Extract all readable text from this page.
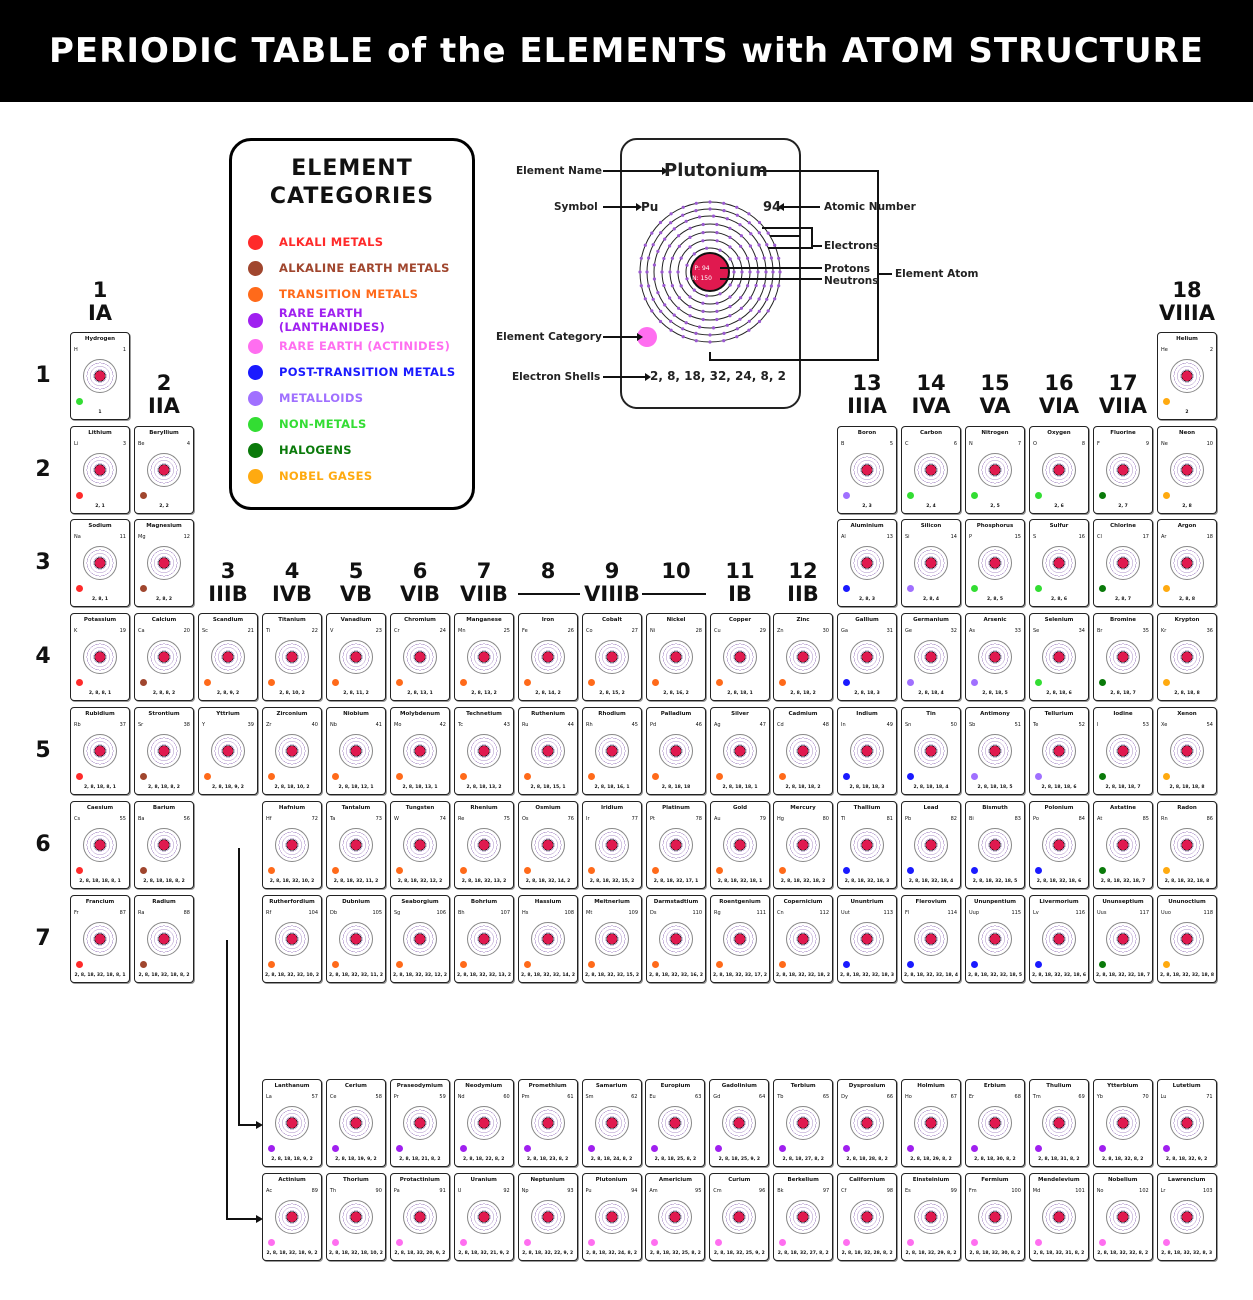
PERIODIC TABLE of the ELEMENTS with ATOM STRUCTURE
ELEMENT
CATEGORIES
ALKALI METALS
ALKALINE EARTH METALS
TRANSITION METALS
RARE EARTH (LANTHANIDES)
RARE EARTH (ACTINIDES)
POST-TRANSITION METALS
METALLOIDS
NON-METALS
HALOGENS
NOBEL GASES
P: 94
N: 150
Element Name	Plutonium
Symbol	Pu	94	Atomic Number
Electrons
Protons
Neutrons
Element Atom
Element Category
Electron Shells	2, 8, 18, 32, 24, 8, 2
1
IA
2
IIA
3
IIIB
4
IVB
5
VB
6
VIB
7
VIIB
8	9
VIIIB
10	11
IB
12
IIB
13
IIIA
14
IVA
15
VA
16
VIA
17
VIIA
18
VIIIA
1
2
3
4
5
6
7
Hydrogen
H	1
1
Helium
He	2
2
Lithium
Li	3
2, 1
Beryllium
Be	4
2, 2
Boron
B	5
2, 3
Carbon
C	6
2, 4
Nitrogen
N	7
2, 5
Oxygen
O	8
2, 6
Fluorine
F	9
2, 7
Neon
Ne	10
2, 8
Sodium
Na	11
2, 8, 1
Magnesium
Mg	12
2, 8, 2
Aluminium
Al	13
2, 8, 3
Silicon
Si	14
2, 8, 4
Phosphorus
P	15
2, 8, 5
Sulfur
S	16
2, 8, 6
Chlorine
Cl	17
2, 8, 7
Argon
Ar	18
2, 8, 8
Potassium
K	19
2, 8, 8, 1
Calcium
Ca	20
2, 8, 8, 2
Scandium
Sc	21
2, 8, 9, 2
Titanium
Ti	22
2, 8, 10, 2
Vanadium
V	23
2, 8, 11, 2
Chromium
Cr	24
2, 8, 13, 1
Manganese
Mn	25
2, 8, 13, 2
Iron
Fe	26
2, 8, 14, 2
Cobalt
Co	27
2, 8, 15, 2
Nickel
Ni	28
2, 8, 16, 2
Copper
Cu	29
2, 8, 18, 1
Zinc
Zn	30
2, 8, 18, 2
Gallium
Ga	31
2, 8, 18, 3
Germanium
Ge	32
2, 8, 18, 4
Arsenic
As	33
2, 8, 18, 5
Selenium
Se	34
2, 8, 18, 6
Bromine
Br	35
2, 8, 18, 7
Krypton
Kr	36
2, 8, 18, 8
Rubidium
Rb	37
2, 8, 18, 8, 1
Strontium
Sr	38
2, 8, 18, 8, 2
Yttrium
Y	39
2, 8, 18, 9, 2
Zirconium
Zr	40
2, 8, 18, 10, 2
Niobium
Nb	41
2, 8, 18, 12, 1
Molybdenum
Mo	42
2, 8, 18, 13, 1
Technetium
Tc	43
2, 8, 18, 13, 2
Ruthenium
Ru	44
2, 8, 18, 15, 1
Rhodium
Rh	45
2, 8, 18, 16, 1
Palladium
Pd	46
2, 8, 18, 18
Silver
Ag	47
2, 8, 18, 18, 1
Cadmium
Cd	48
2, 8, 18, 18, 2
Indium
In	49
2, 8, 18, 18, 3
Tin
Sn	50
2, 8, 18, 18, 4
Antimony
Sb	51
2, 8, 18, 18, 5
Tellurium
Te	52
2, 8, 18, 18, 6
Iodine
I	53
2, 8, 18, 18, 7
Xenon
Xe	54
2, 8, 18, 18, 8
Caesium
Cs	55
2, 8, 18, 18, 8, 1
Barium
Ba	56
2, 8, 18, 18, 8, 2
Hafnium
Hf	72
2, 8, 18, 32, 10, 2
Tantalum
Ta	73
2, 8, 18, 32, 11, 2
Tungsten
W	74
2, 8, 18, 32, 12, 2
Rhenium
Re	75
2, 8, 18, 32, 13, 2
Osmium
Os	76
2, 8, 18, 32, 14, 2
Iridium
Ir	77
2, 8, 18, 32, 15, 2
Platinum
Pt	78
2, 8, 18, 32, 17, 1
Gold
Au	79
2, 8, 18, 32, 18, 1
Mercury
Hg	80
2, 8, 18, 32, 18, 2
Thallium
Tl	81
2, 8, 18, 32, 18, 3
Lead
Pb	82
2, 8, 18, 32, 18, 4
Bismuth
Bi	83
2, 8, 18, 32, 18, 5
Polonium
Po	84
2, 8, 18, 32, 18, 6
Astatine
At	85
2, 8, 18, 32, 18, 7
Radon
Rn	86
2, 8, 18, 32, 18, 8
Francium
Fr	87
2, 8, 18, 32, 18, 8, 1
Radium
Ra	88
2, 8, 18, 32, 18, 8, 2
Rutherfordium
Rf	104
2, 8, 18, 32, 32, 10, 2
Dubnium
Db	105
2, 8, 18, 32, 32, 11, 2
Seaborgium
Sg	106
2, 8, 18, 32, 32, 12, 2
Bohrium
Bh	107
2, 8, 18, 32, 32, 13, 2
Hassium
Hs	108
2, 8, 18, 32, 32, 14, 2
Meitnerium
Mt	109
2, 8, 18, 32, 32, 15, 2
Darmstadtium
Ds	110
2, 8, 18, 32, 32, 16, 2
Roentgenium
Rg	111
2, 8, 18, 32, 32, 17, 2
Copernicium
Cn	112
2, 8, 18, 32, 32, 18, 2
Ununtrium
Uut	113
2, 8, 18, 32, 32, 18, 3
Flerovium
Fl	114
2, 8, 18, 32, 32, 18, 4
Ununpentium
Uup	115
2, 8, 18, 32, 32, 18, 5
Livermorium
Lv	116
2, 8, 18, 32, 32, 18, 6
Ununseptium
Uus	117
2, 8, 18, 32, 32, 18, 7
Ununoctium
Uuo	118
2, 8, 18, 32, 32, 18, 8
Lanthanum
La	57
2, 8, 18, 18, 9, 2
Cerium
Ce	58
2, 8, 18, 19, 9, 2
Praseodymium
Pr	59
2, 8, 18, 21, 8, 2
Neodymium
Nd	60
2, 8, 18, 22, 8, 2
Promethium
Pm	61
2, 8, 18, 23, 8, 2
Samarium
Sm	62
2, 8, 18, 24, 8, 2
Europium
Eu	63
2, 8, 18, 25, 8, 2
Gadolinium
Gd	64
2, 8, 18, 25, 9, 2
Terbium
Tb	65
2, 8, 18, 27, 8, 2
Dysprosium
Dy	66
2, 8, 18, 28, 8, 2
Holmium
Ho	67
2, 8, 18, 29, 8, 2
Erbium
Er	68
2, 8, 18, 30, 8, 2
Thulium
Tm	69
2, 8, 18, 31, 8, 2
Ytterbium
Yb	70
2, 8, 18, 32, 8, 2
Lutetium
Lu	71
2, 8, 18, 32, 9, 2
Actinium
Ac	89
2, 8, 18, 32, 18, 9, 2
Thorium
Th	90
2, 8, 18, 32, 18, 10, 2
Protactinium
Pa	91
2, 8, 18, 32, 20, 9, 2
Uranium
U	92
2, 8, 18, 32, 21, 9, 2
Neptunium
Np	93
2, 8, 18, 32, 22, 9, 2
Plutonium
Pu	94
2, 8, 18, 32, 24, 8, 2
Americium
Am	95
2, 8, 18, 32, 25, 8, 2
Curium
Cm	96
2, 8, 18, 32, 25, 9, 2
Berkelium
Bk	97
2, 8, 18, 32, 27, 8, 2
Californium
Cf	98
2, 8, 18, 32, 28, 8, 2
Einsteinium
Es	99
2, 8, 18, 32, 29, 8, 2
Fermium
Fm	100
2, 8, 18, 32, 30, 8, 2
Mendelevium
Md	101
2, 8, 18, 32, 31, 8, 2
Nobelium
No	102
2, 8, 18, 32, 32, 8, 2
Lawrencium
Lr	103
2, 8, 18, 32, 32, 8, 3
